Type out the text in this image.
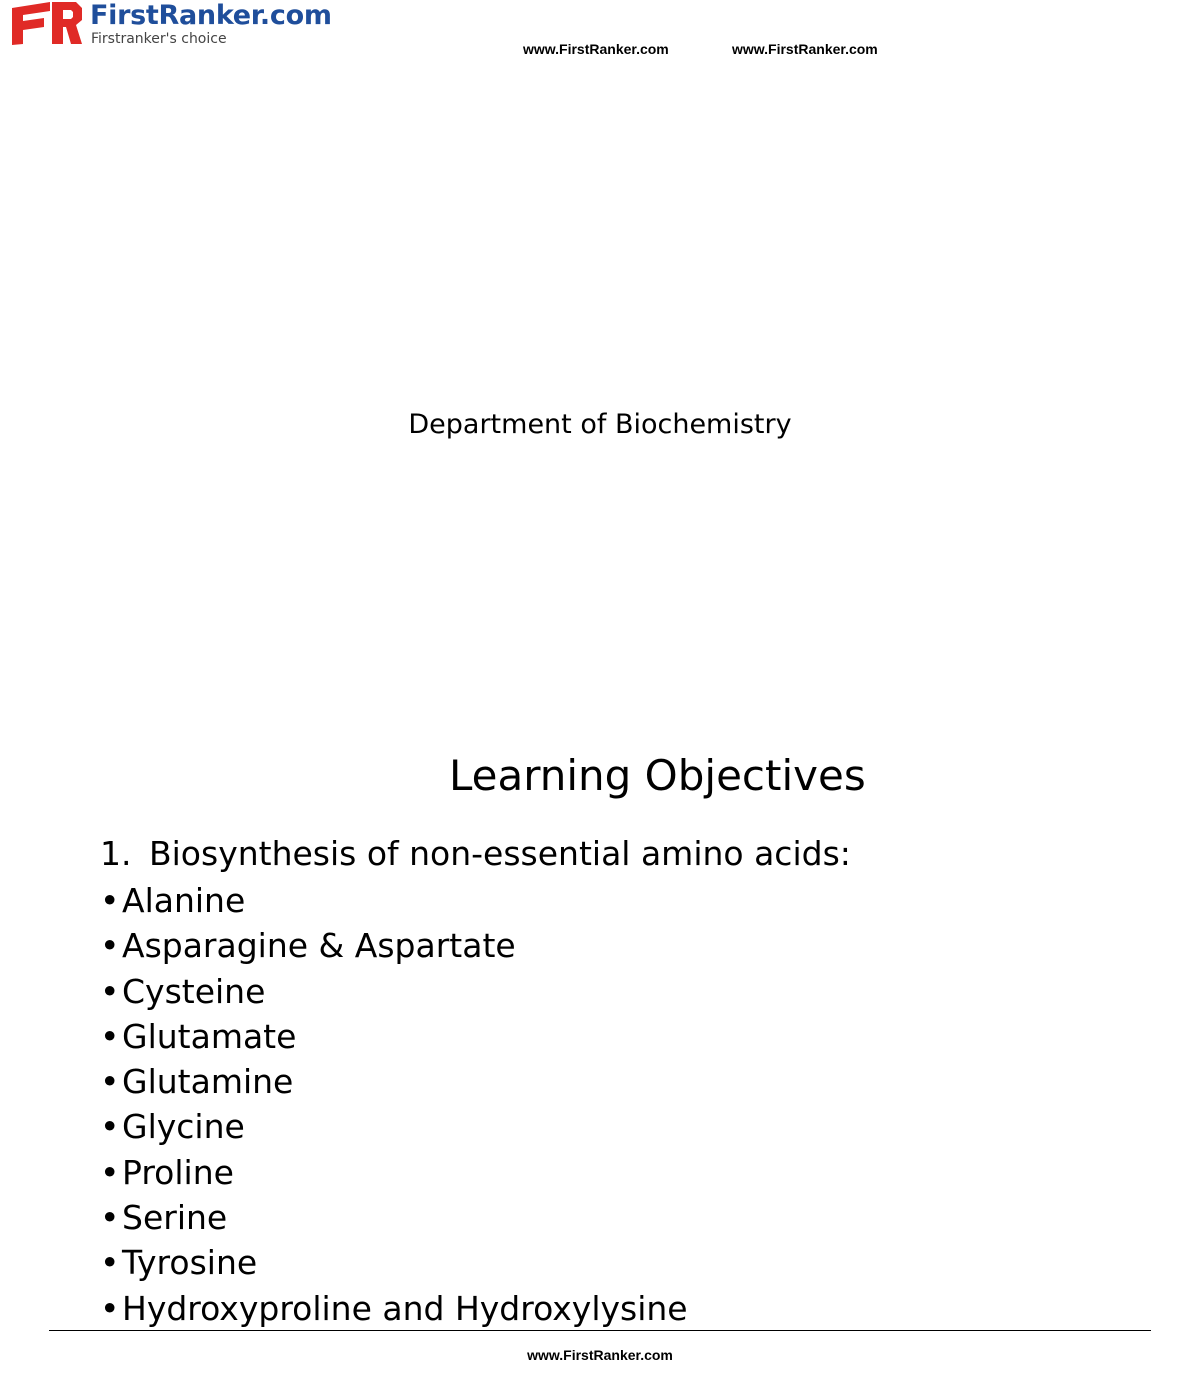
FirstRanker.com
Firstranker's choice
www.FirstRanker.com	www.FirstRanker.com
Department of Biochemistry
Learning Objectives
1. Biosynthesis of non-essential amino acids:
•Alanine
•Asparagine & Aspartate
•Cysteine
•Glutamate
•Glutamine
•Glycine
•Proline
•Serine
•Tyrosine
•Hydroxyproline and Hydroxylysine
www.FirstRanker.com
